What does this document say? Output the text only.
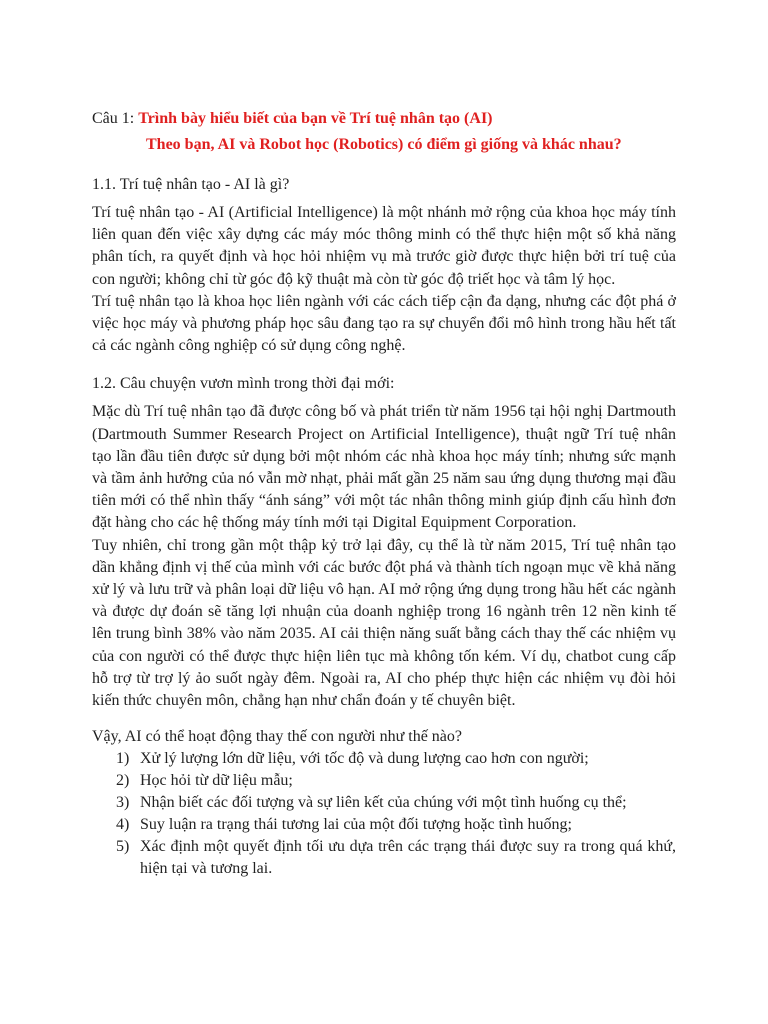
Câu 1: Trình bày hiểu biết của bạn về Trí tuệ nhân tạo (AI)

Theo bạn, AI và Robot học (Robotics) có điểm gì giống và khác nhau?

1.1. Trí tuệ nhân tạo - AI là gì?

Trí tuệ nhân tạo - AI (Artificial Intelligence) là một nhánh mở rộng của khoa học máy tính liên quan đến việc xây dựng các máy móc thông minh có thể thực hiện một số khả năng phân tích, ra quyết định và học hỏi nhiệm vụ mà trước giờ được thực hiện bởi trí tuệ của con người; không chỉ từ góc độ kỹ thuật mà còn từ góc độ triết học và tâm lý học.

Trí tuệ nhân tạo là khoa học liên ngành với các cách tiếp cận đa dạng, nhưng các đột phá ở việc học máy và phương pháp học sâu đang tạo ra sự chuyển đổi mô hình trong hầu hết tất cả các ngành công nghiệp có sử dụng công nghệ.

1.2. Câu chuyện vươn mình trong thời đại mới:

Mặc dù Trí tuệ nhân tạo đã được công bố và phát triển từ năm 1956 tại hội nghị Dartmouth (Dartmouth Summer Research Project on Artificial Intelligence), thuật ngữ Trí tuệ nhân tạo lần đầu tiên được sử dụng bởi một nhóm các nhà khoa học máy tính; nhưng sức mạnh và tầm ảnh hưởng của nó vẫn mờ nhạt, phải mất gần 25 năm sau ứng dụng thương mại đầu tiên mới có thể nhìn thấy “ánh sáng” với một tác nhân thông minh giúp định cấu hình đơn đặt hàng cho các hệ thống máy tính mới tại Digital Equipment Corporation.

Tuy nhiên, chỉ trong gần một thập kỷ trở lại đây, cụ thể là từ năm 2015, Trí tuệ nhân tạo dần khẳng định vị thế của mình với các bước đột phá và thành tích ngoạn mục về khả năng xử lý và lưu trữ và phân loại dữ liệu vô hạn. AI mở rộng ứng dụng trong hầu hết các ngành và được dự đoán sẽ tăng lợi nhuận của doanh nghiệp trong 16 ngành trên 12 nền kinh tế lên trung bình 38% vào năm 2035. AI cải thiện năng suất bằng cách thay thế các nhiệm vụ của con người có thể được thực hiện liên tục mà không tốn kém. Ví dụ, chatbot cung cấp hỗ trợ từ trợ lý ảo suốt ngày đêm. Ngoài ra, AI cho phép thực hiện các nhiệm vụ đòi hỏi kiến thức chuyên môn, chẳng hạn như chẩn đoán y tế chuyên biệt.

Vậy, AI có thể hoạt động thay thế con người như thế nào?

1) Xử lý lượng lớn dữ liệu, với tốc độ và dung lượng cao hơn con người;
2) Học hỏi từ dữ liệu mẫu;
3) Nhận biết các đối tượng và sự liên kết của chúng với một tình huống cụ thể;
4) Suy luận ra trạng thái tương lai của một đối tượng hoặc tình huống;
5) Xác định một quyết định tối ưu dựa trên các trạng thái được suy ra trong quá khứ, hiện tại và tương lai.
